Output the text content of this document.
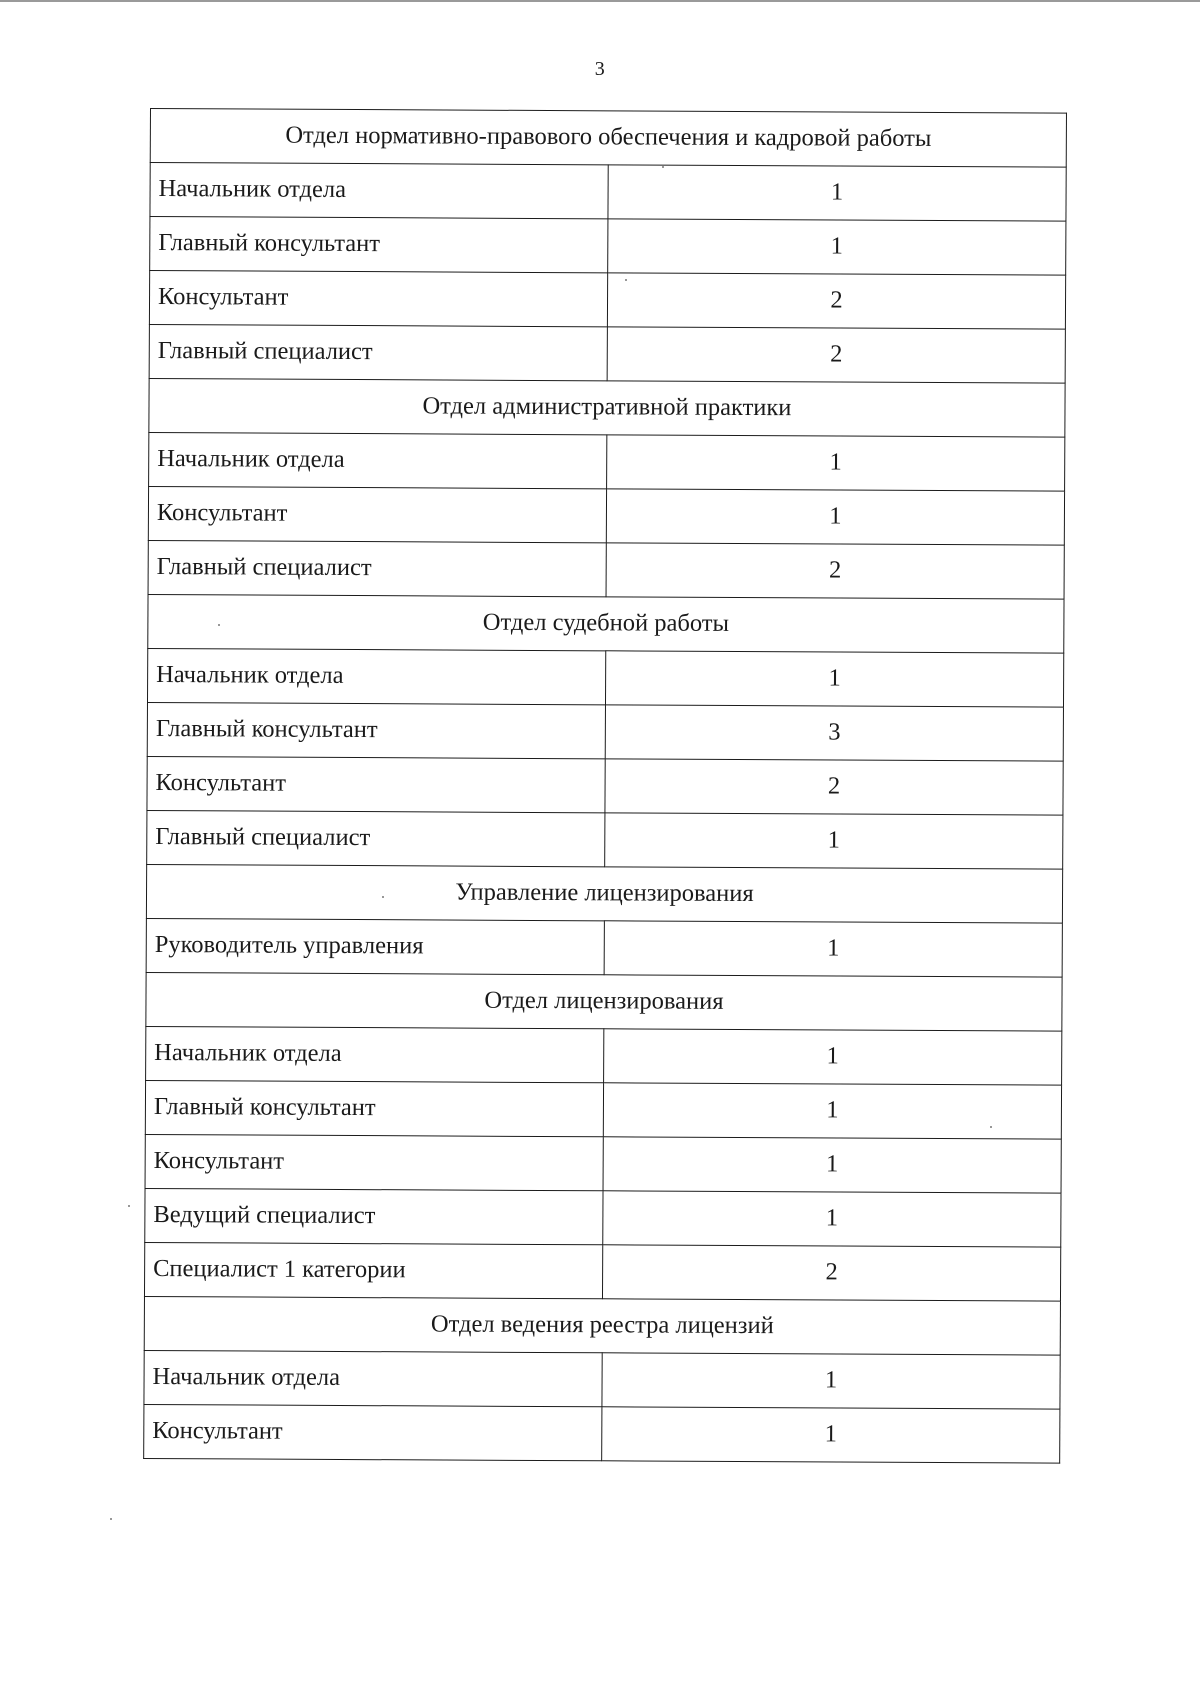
3
Отдел нормативно-правового обеспечения и кадровой работы	
Начальник отдела	1
Главный консультант	1
Консультант	2
Главный специалист	2
Отдел административной практики	
Начальник отдела	1
Консультант	1
Главный специалист	2
Отдел судебной работы	
Начальник отдела	1
Главный консультант	3
Консультант	2
Главный специалист	1
Управление лицензирования	
Руководитель управления	1
Отдел лицензирования	
Начальник отдела	1
Главный консультант	1
Консультант	1
Ведущий специалист	1
Специалист 1 категории	2
Отдел ведения реестра лицензий	
Начальник отдела	1
Консультант	1
